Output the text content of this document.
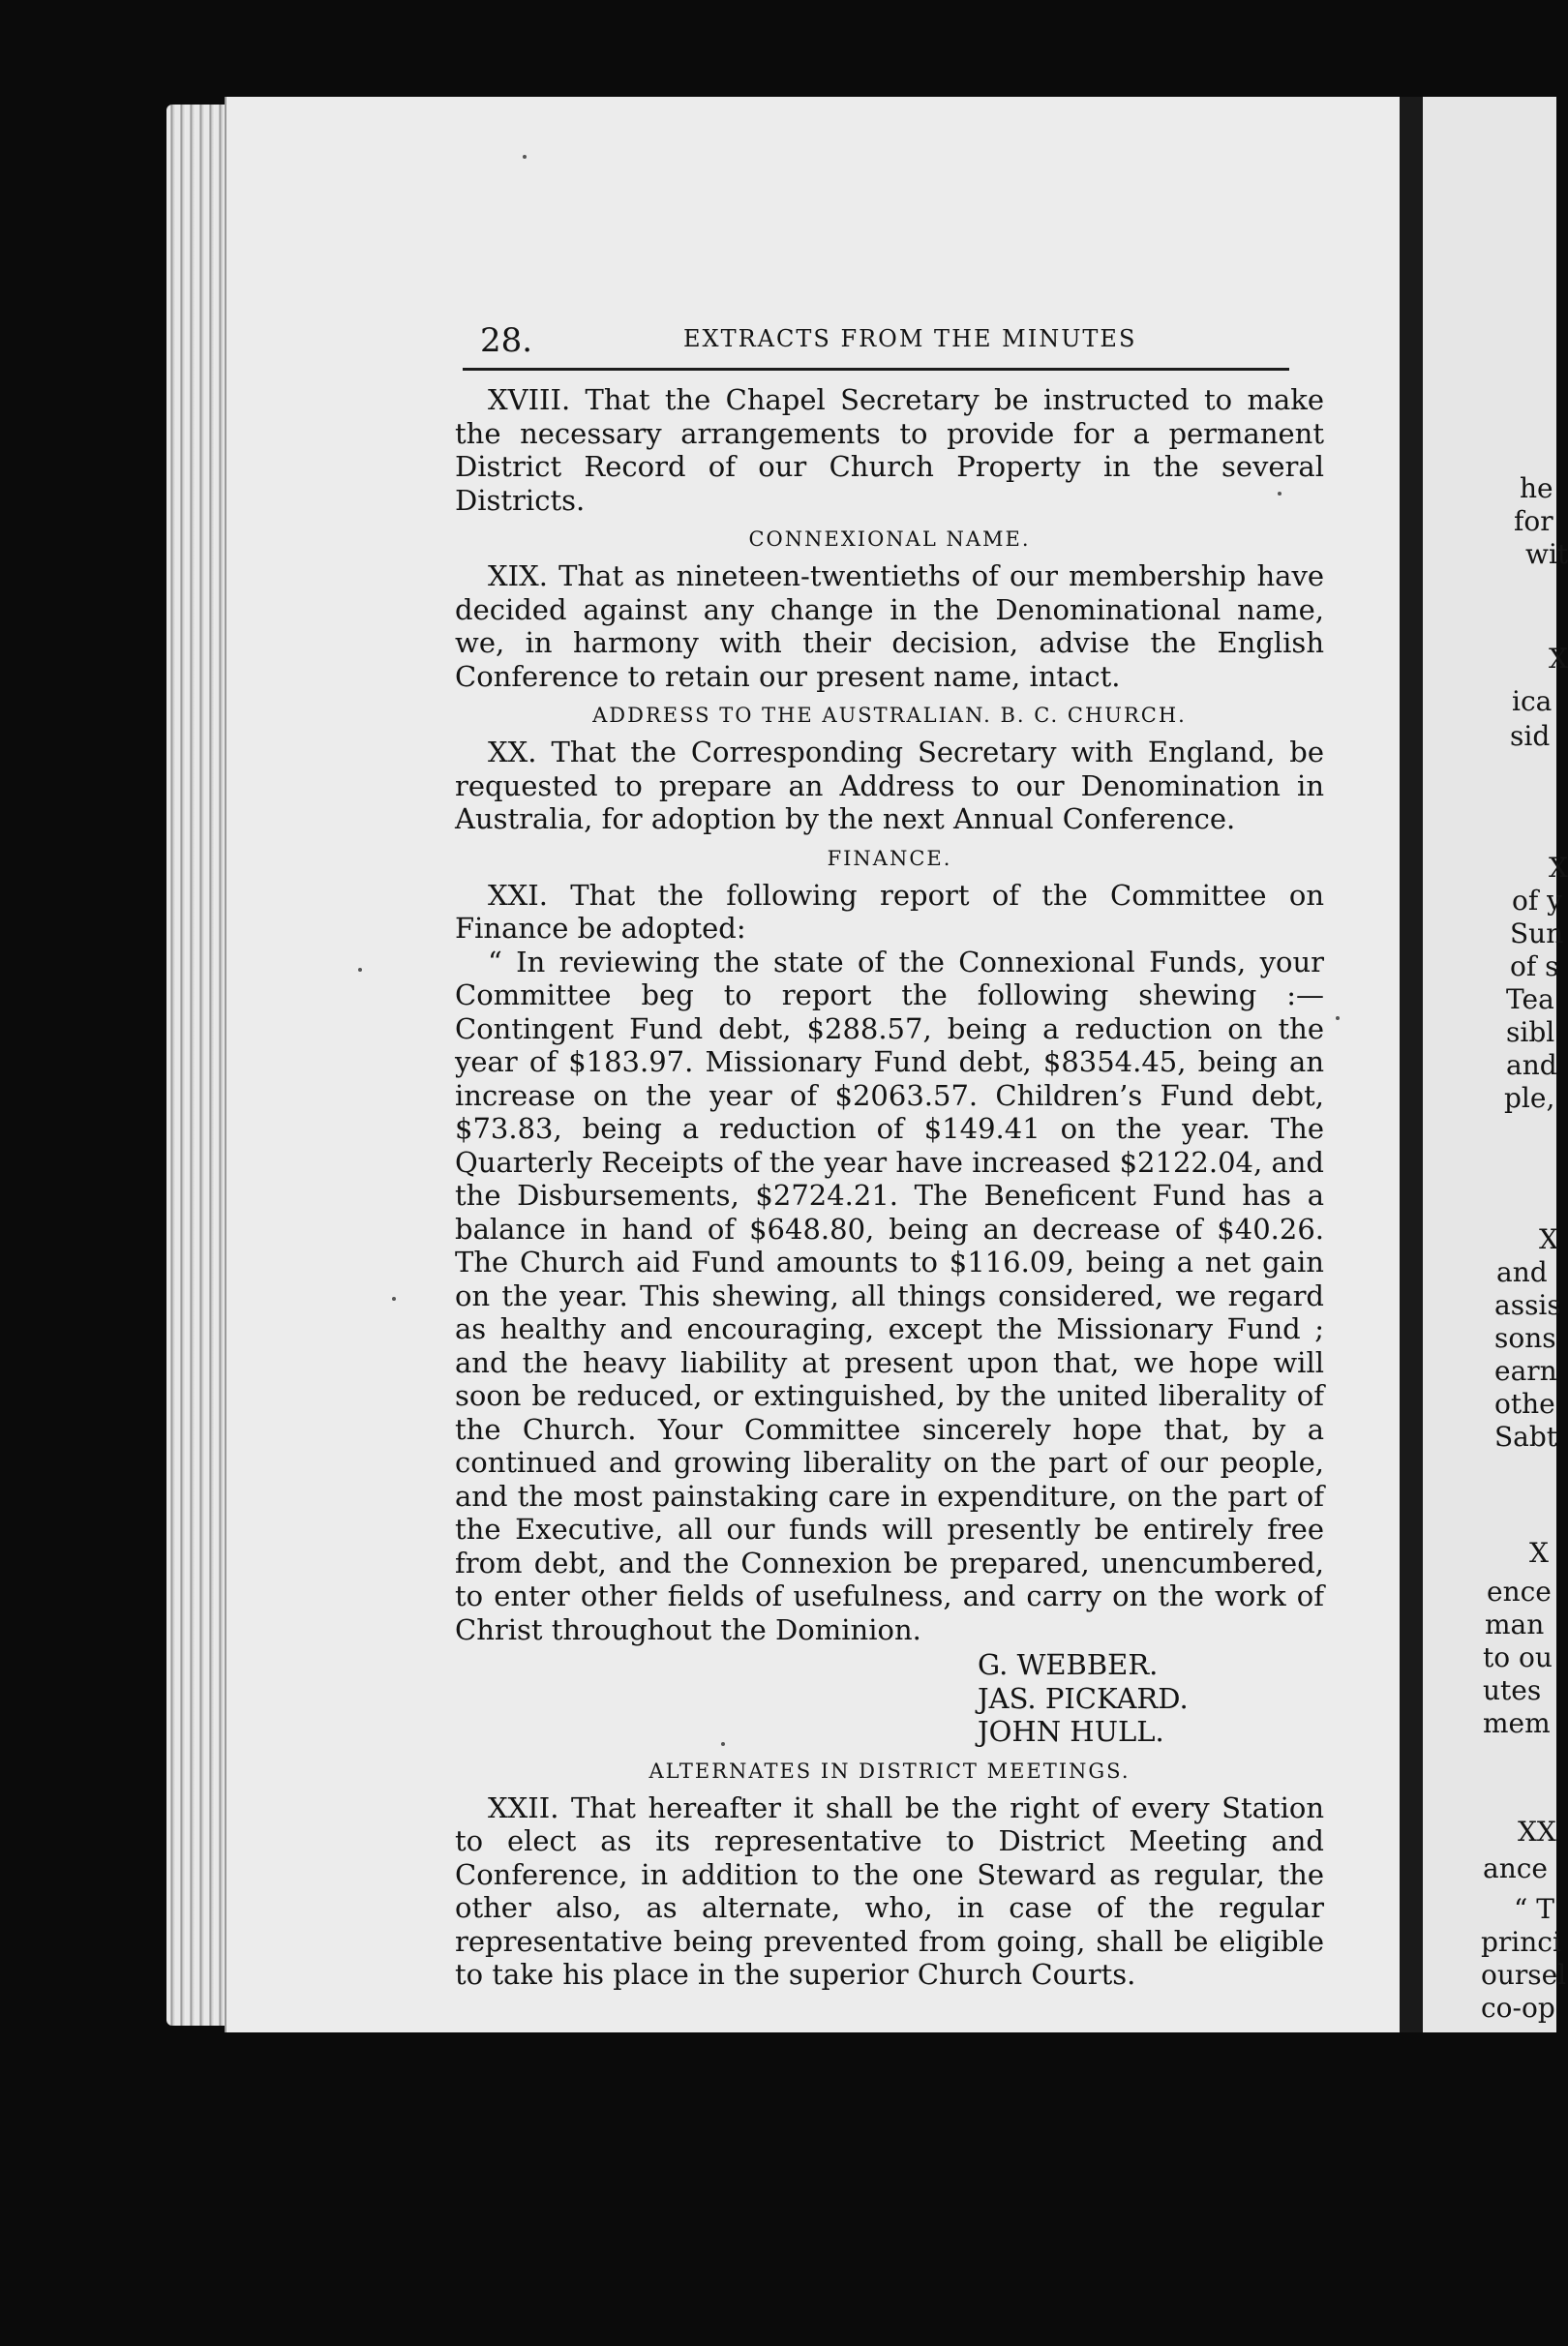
28.	EXTRACTS FROM THE MINUTES

XVIII. That the Chapel Secretary be instructed to make the necessary arrangements to provide for a permanent District Record of our Church Property in the several Districts.

CONNEXIONAL NAME.

XIX. That as nineteen-twentieths of our membership have decided against any change in the Denominational name, we, in harmony with their decision, advise the English Conference to retain our present name, intact.

ADDRESS TO THE AUSTRALIAN. B. C. CHURCH.

XX. That the Corresponding Secretary with England, be requested to prepare an Address to our Denomination in Australia, for adoption by the next Annual Conference.

FINANCE.

XXI. That the following report of the Committee on Finance be adopted:

“ In reviewing the state of the Connexional Funds, your Committee beg to report the following shewing :—Contingent Fund debt, $288.57, being a reduction on the year of $183.97. Missionary Fund debt, $8354.45, being an increase on the year of $2063.57. Children’s Fund debt, $73.83, being a reduction of $149.41 on the year. The Quarterly Receipts of the year have increased $2122.04, and the Disbursements, $2724.21. The Beneficent Fund has a balance in hand of $648.80, being an decrease of $40.26. The Church aid Fund amounts to $116.09, being a net gain on the year. This shewing, all things considered, we regard as healthy and encouraging, except the Missionary Fund ; and the heavy liability at present upon that, we hope will soon be reduced, or extinguished, by the united liberality of the Church. Your Committee sincerely hope that, by a continued and growing liberality on the part of our people, and the most painstaking care in expenditure, on the part of the Executive, all our funds will presently be entirely free from debt, and the Connexion be prepared, unencumbered, to enter other fields of usefulness, and carry on the work of Christ throughout the Dominion.

G. WEBBER.
JAS. PICKARD.
JOHN HULL.
ALTERNATES IN DISTRICT MEETINGS.

XXII. That hereafter it shall be the right of every Station to elect as its representative to District Meeting and Conference, in addition to the one Steward as regular, the other also, as alternate, who, in case of the regular representative being prevented from going, shall be eligible to take his place in the superior Church Courts.

he
for
wit
X
ica
sid
X
of y
Sun
of s
Tea
sibl
and
ple,
X
and
assis
sons
earn
othe
Sabt
X
ence
man
to ou
utes
mem
XX
ance
“ T
princi
oursel
co-op
